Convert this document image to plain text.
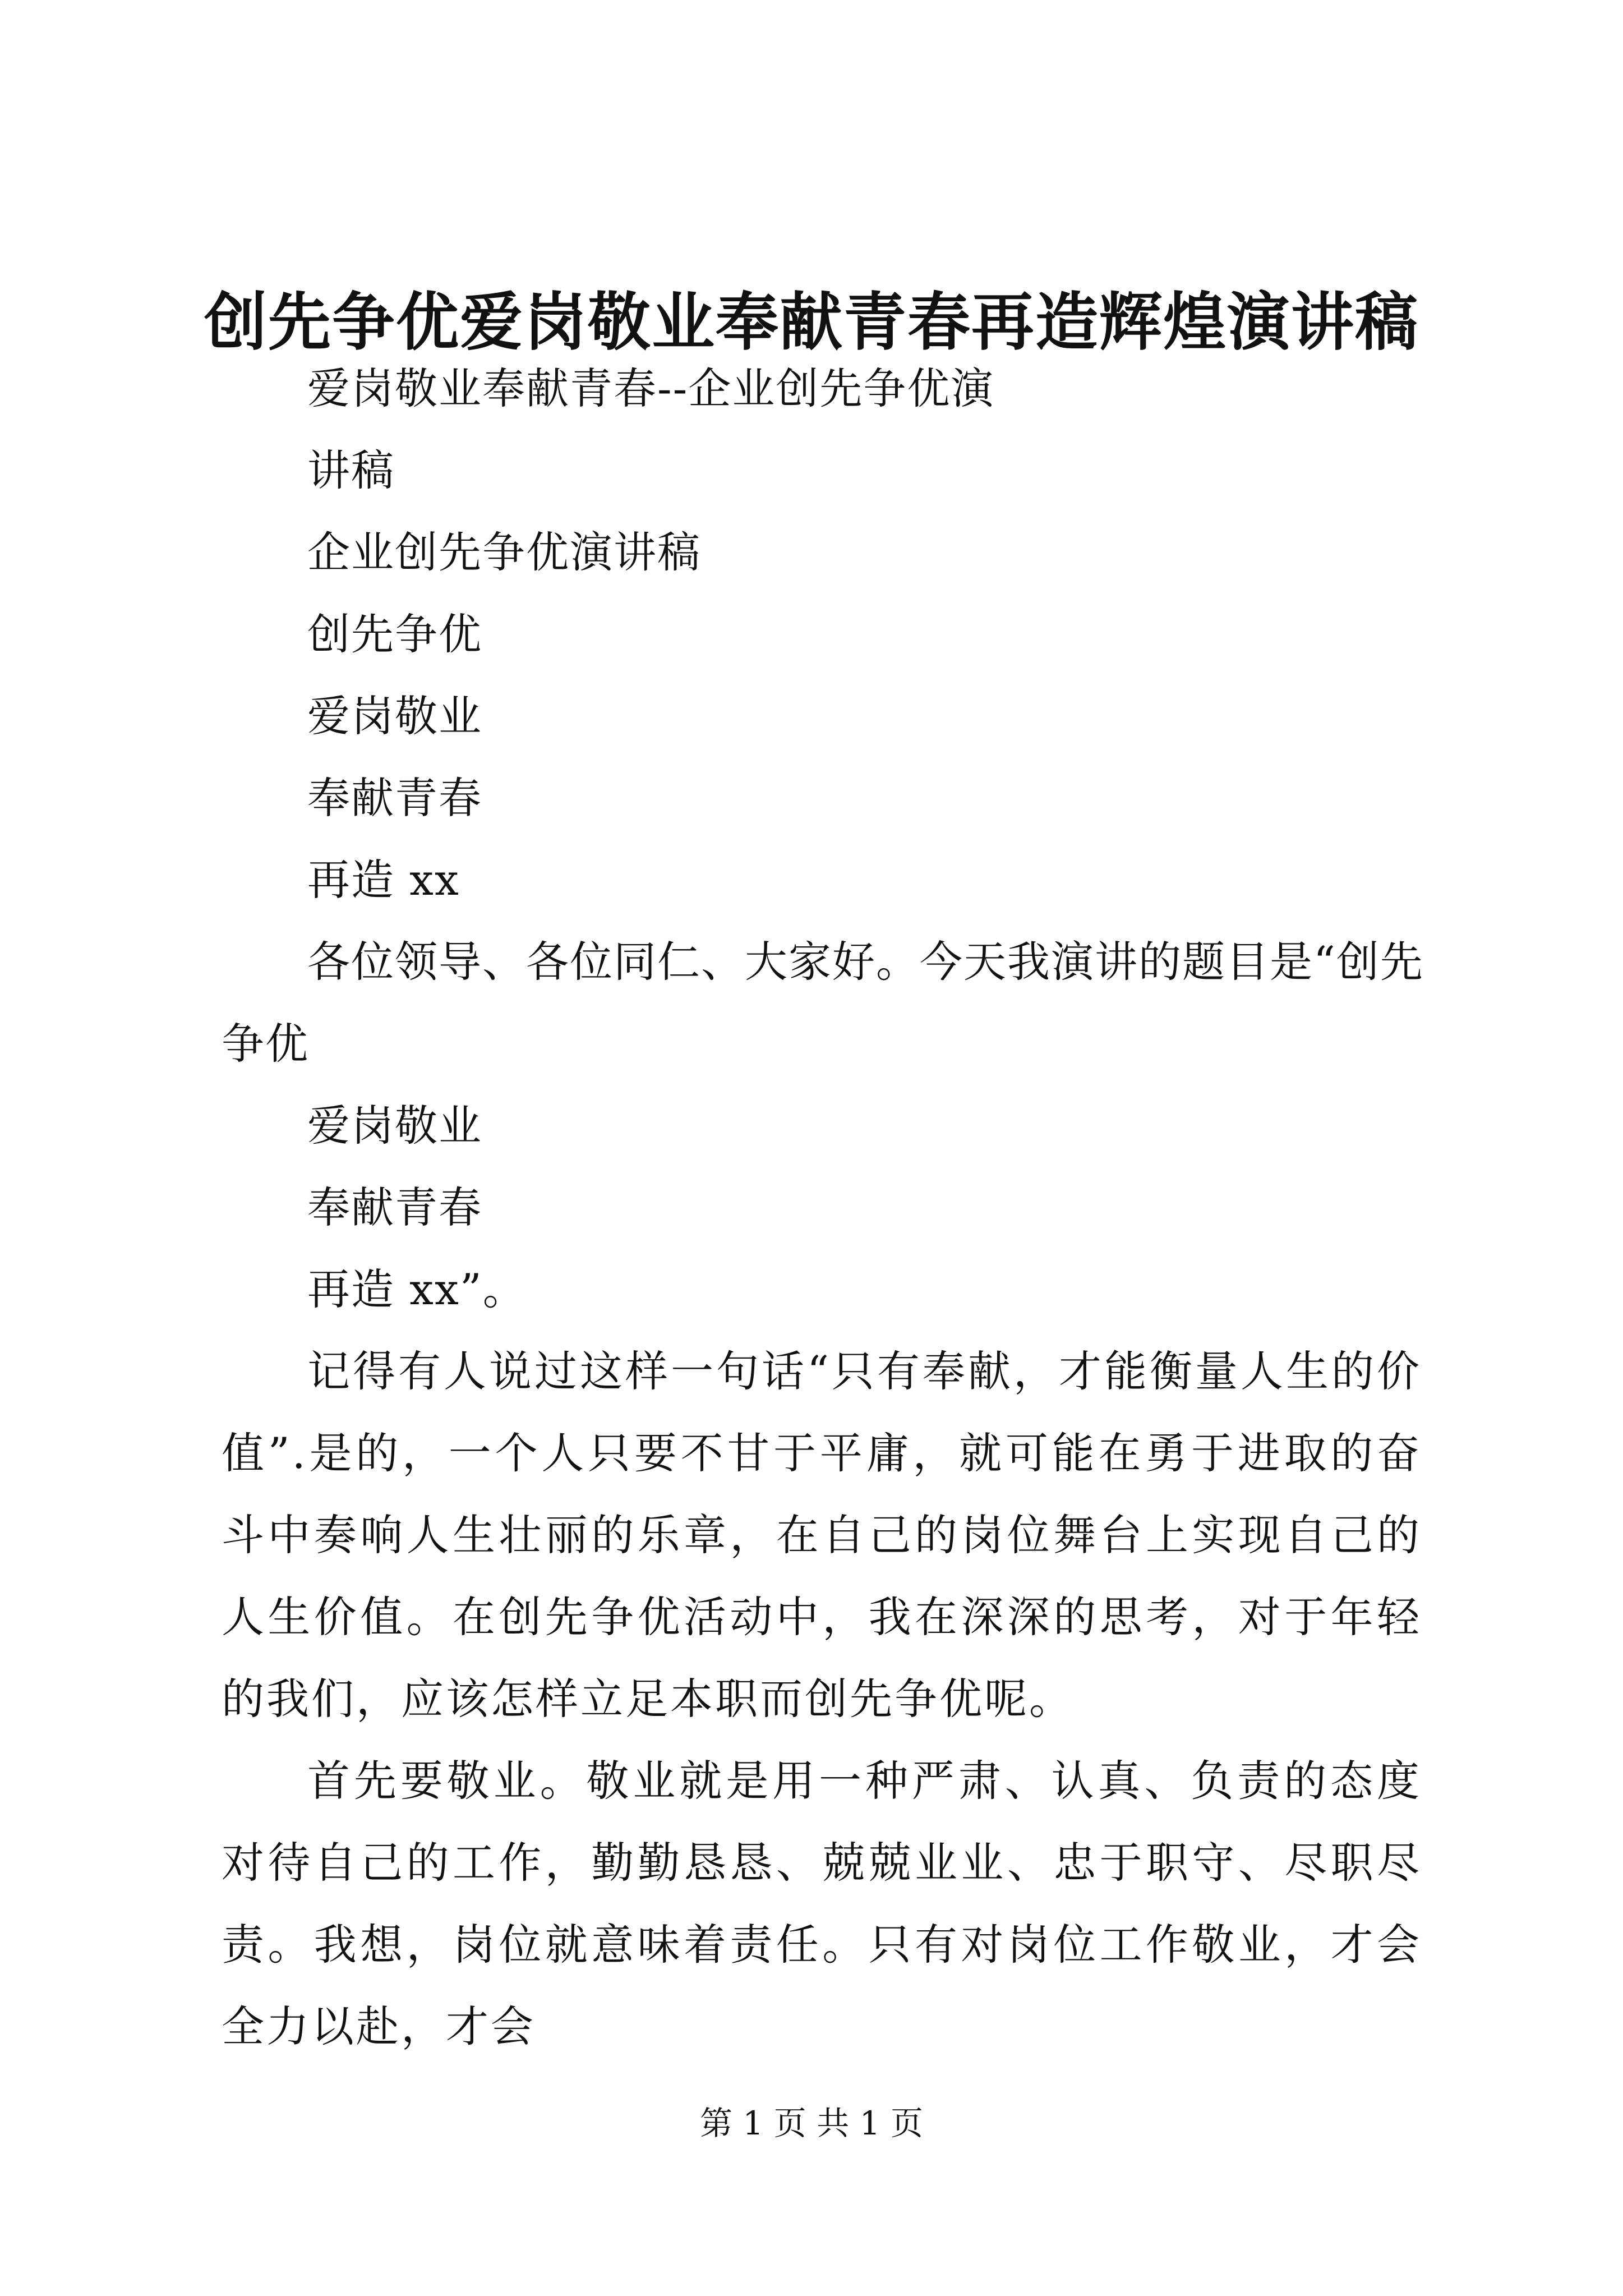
创先争优爱岗敬业奉献青春再造辉煌演讲稿
爱岗敬业奉献青春--企业创先争优演
讲稿
企业创先争优演讲稿
创先争优
爱岗敬业
奉献青春
再造 xx
各位领导、各位同仁、大家好。今天我演讲的题目是“创先
争优
爱岗敬业
奉献青春
再造 xx”。
记得有人说过这样一句话“只有奉献，才能衡量人生的价值”.是的，一个人只要不甘于平庸，就可能在勇于进取的奋斗中奏响人生壮丽的乐章，在自己的岗位舞台上实现自己的人生价值。在创先争优活动中，我在深深的思考，对于年轻的我们，应该怎样立足本职而创先争优呢。
首先要敬业。敬业就是用一种严肃、认真、负责的态度对待自己的工作，勤勤恳恳、兢兢业业、忠于职守、尽职尽责。我想，岗位就意味着责任。只有对岗位工作敬业，才会全力以赴，才会
第 1 页 共 1 页
